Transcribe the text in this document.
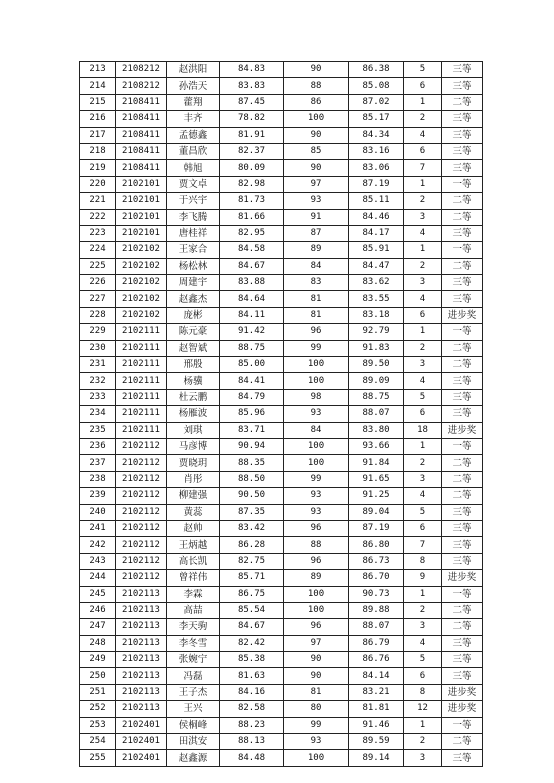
213	2108212	赵洪阳	84.83	90	86.38	5	三等
214	2108212	孙浩天	83.83	88	85.08	6	三等
215	2108411	藿翔	87.45	86	87.02	1	二等
216	2108411	丰齐	78.82	100	85.17	2	三等
217	2108411	孟德鑫	81.91	90	84.34	4	三等
218	2108411	董昌欣	82.37	85	83.16	6	三等
219	2108411	韩旭	80.09	90	83.06	7	三等
220	2102101	贾文卓	82.98	97	87.19	1	一等
221	2102101	于兴宇	81.73	93	85.11	2	二等
222	2102101	李飞腾	81.66	91	84.46	3	二等
223	2102101	唐桂祥	82.95	87	84.17	4	三等
224	2102102	王家合	84.58	89	85.91	1	一等
225	2102102	杨松林	84.67	84	84.47	2	二等
226	2102102	周建宇	83.88	83	83.62	3	三等
227	2102102	赵鑫杰	84.64	81	83.55	4	三等
228	2102102	庞彬	84.11	81	83.18	6	进步奖
229	2102111	陈元豪	91.42	96	92.79	1	一等
230	2102111	赵智斌	88.75	99	91.83	2	二等
231	2102111	邢殷	85.00	100	89.50	3	二等
232	2102111	杨骥	84.41	100	89.09	4	三等
233	2102111	杜云鹏	84.79	98	88.75	5	三等
234	2102111	杨雁波	85.96	93	88.07	6	三等
235	2102111	刘琪	83.71	84	83.80	18	进步奖
236	2102112	马彦博	90.94	100	93.66	1	一等
237	2102112	贾晓玥	88.35	100	91.84	2	二等
238	2102112	肖彤	88.50	99	91.65	3	二等
239	2102112	柳建强	90.50	93	91.25	4	二等
240	2102112	黄蕊	87.35	93	89.04	5	三等
241	2102112	赵帅	83.42	96	87.19	6	三等
242	2102112	王炳越	86.28	88	86.80	7	三等
243	2102112	高长凯	82.75	96	86.73	8	三等
244	2102112	曾祥伟	85.71	89	86.70	9	进步奖
245	2102113	李霖	86.75	100	90.73	1	一等
246	2102113	高喆	85.54	100	89.88	2	二等
247	2102113	李天驹	84.67	96	88.07	3	二等
248	2102113	李冬雪	82.42	97	86.79	4	三等
249	2102113	张婉宁	85.38	90	86.76	5	三等
250	2102113	冯磊	81.63	90	84.14	6	三等
251	2102113	王子杰	84.16	81	83.21	8	进步奖
252	2102113	王兴	82.58	80	81.81	12	进步奖
253	2102401	侯桐峰	88.23	99	91.46	1	一等
254	2102401	田淇安	88.13	93	89.59	2	二等
255	2102401	赵鑫源	84.48	100	89.14	3	三等
